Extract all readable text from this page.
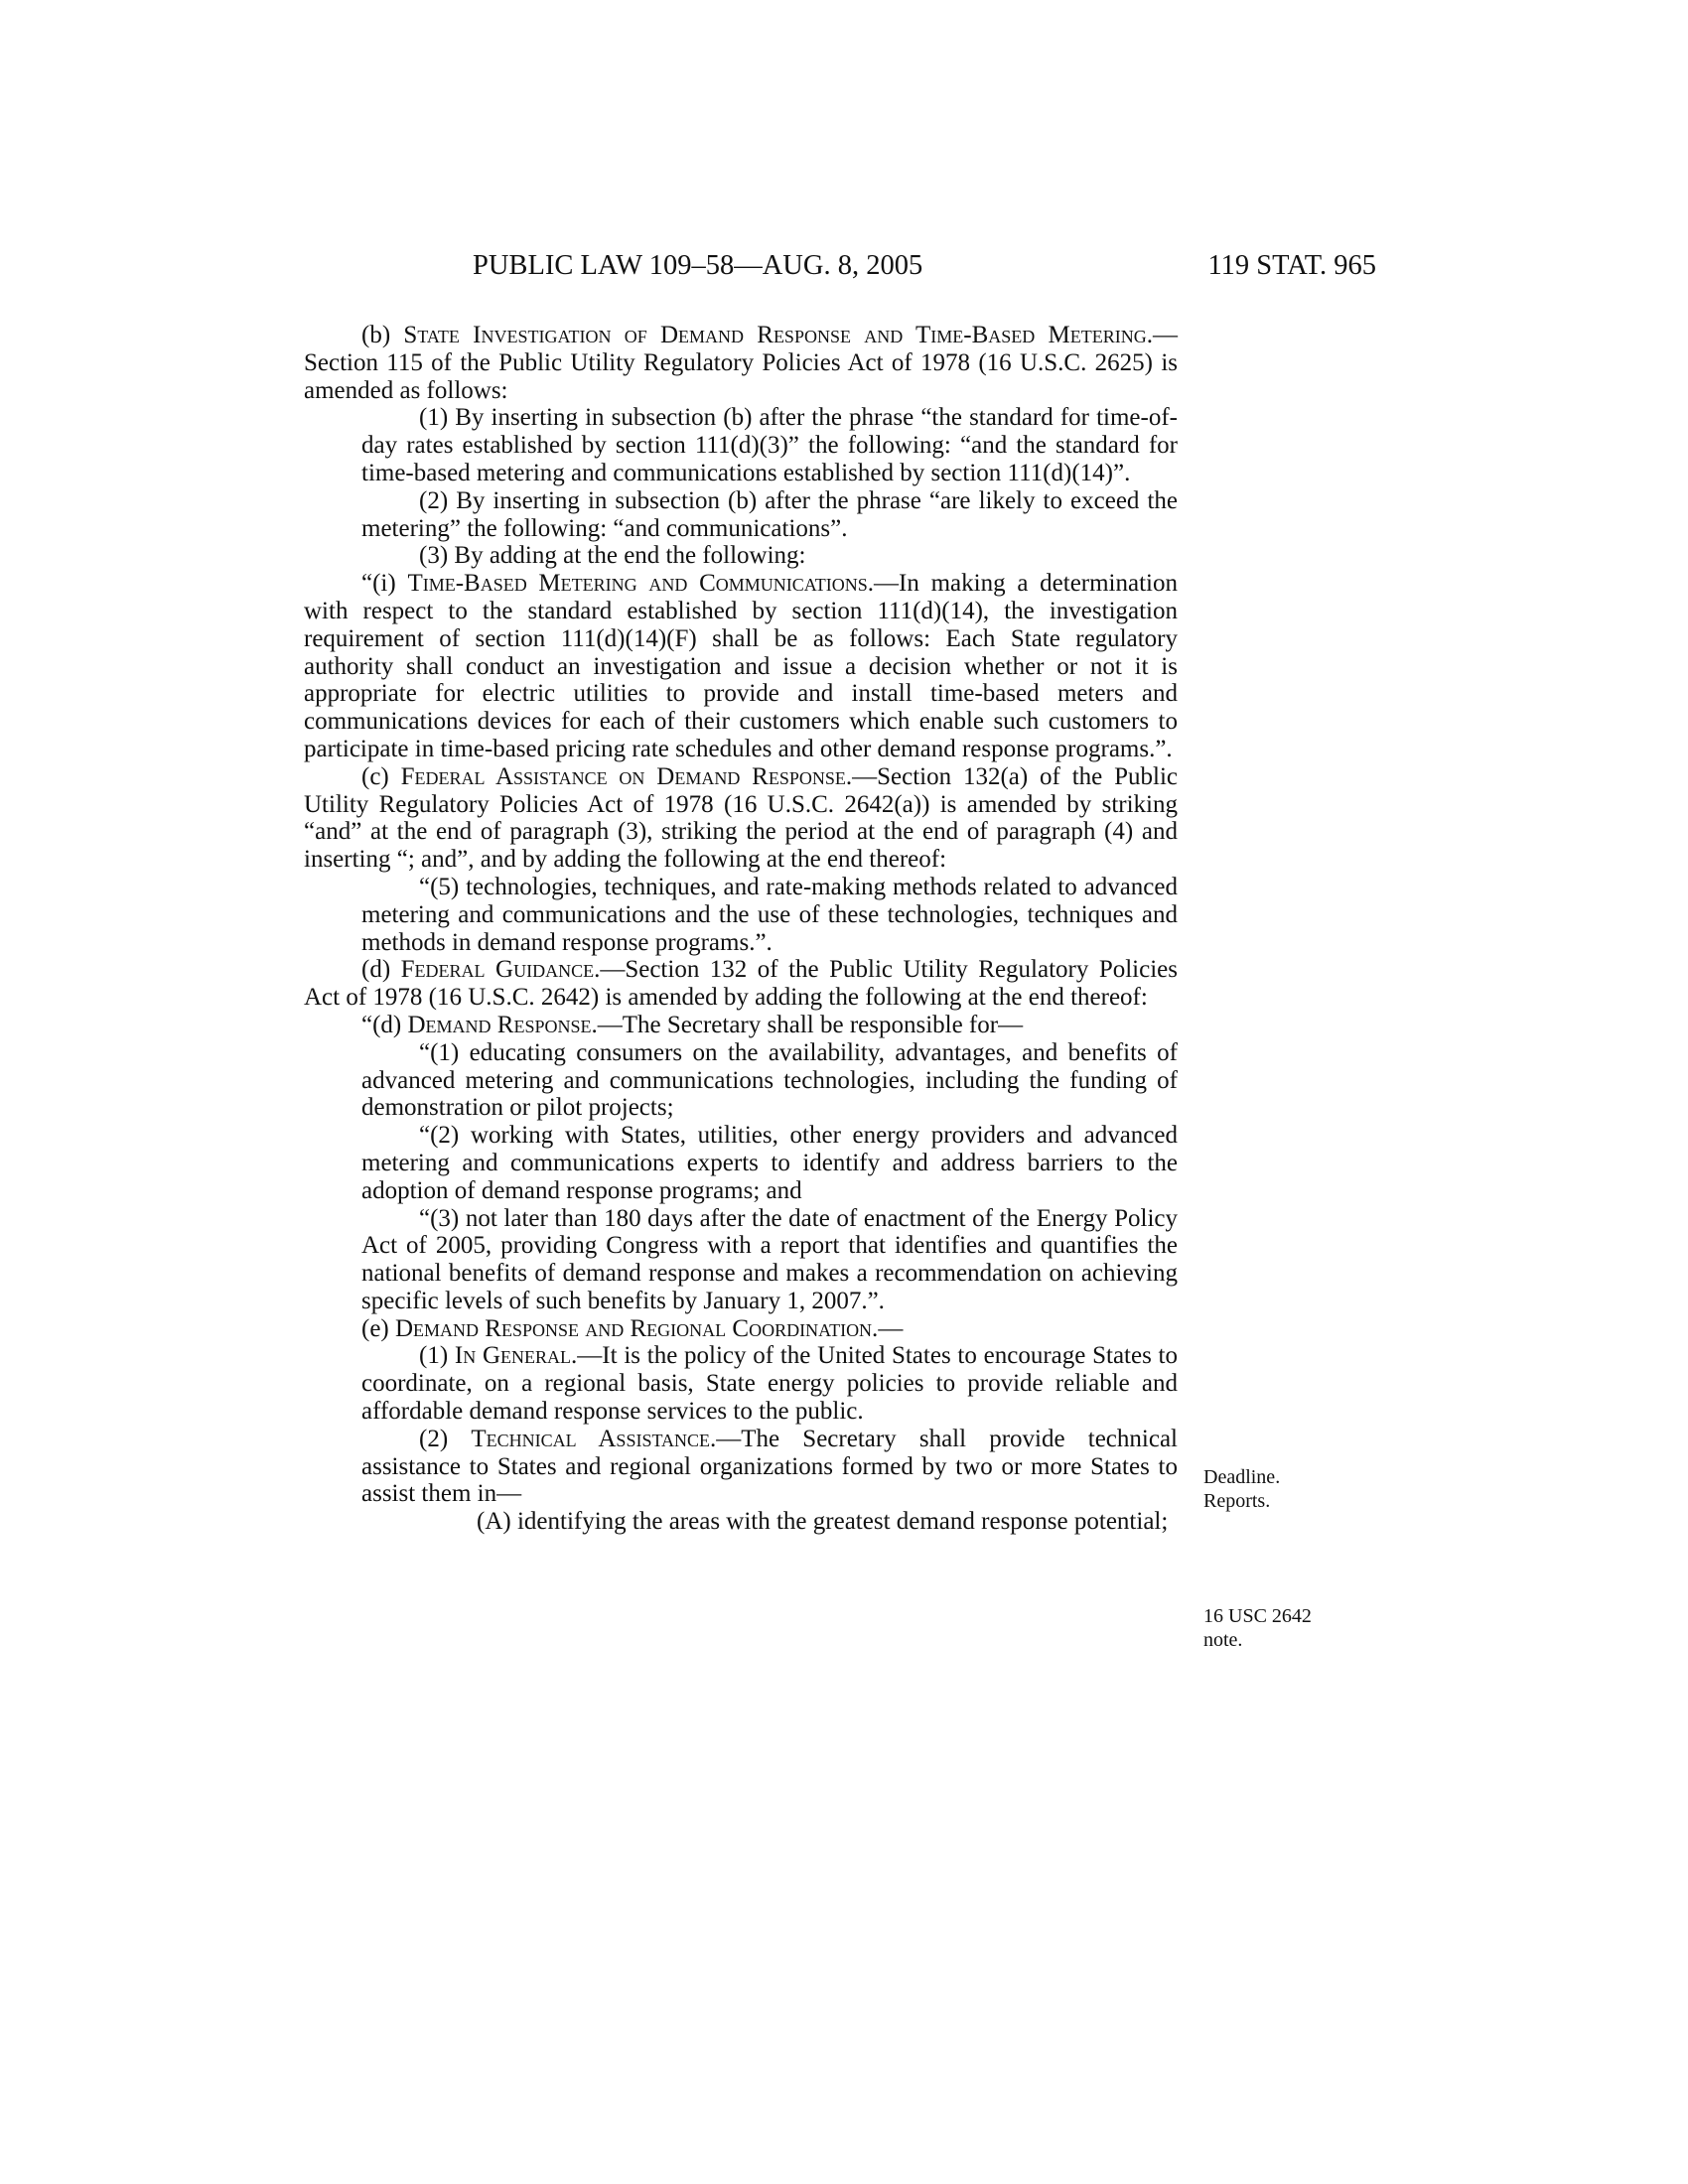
PUBLIC LAW 109–58—AUG. 8, 2005	119 STAT. 965

(b) State Investigation of Demand Response and Time-Based Metering.—Section 115 of the Public Utility Regulatory Policies Act of 1978 (16 U.S.C. 2625) is amended as follows:

(1) By inserting in subsection (b) after the phrase “the standard for time-of-day rates established by section 111(d)(3)” the following: “and the standard for time-based metering and communications established by section 111(d)(14)”.

(2) By inserting in subsection (b) after the phrase “are likely to exceed the metering” the following: “and communications”.

(3) By adding at the end the following:

“(i) Time-Based Metering and Communications.—In making a determination with respect to the standard established by section 111(d)(14), the investigation requirement of section 111(d)(14)(F) shall be as follows: Each State regulatory authority shall conduct an investigation and issue a decision whether or not it is appropriate for electric utilities to provide and install time-based meters and communications devices for each of their customers which enable such customers to participate in time-based pricing rate schedules and other demand response programs.”.

(c) Federal Assistance on Demand Response.—Section 132(a) of the Public Utility Regulatory Policies Act of 1978 (16 U.S.C. 2642(a)) is amended by striking “and” at the end of paragraph (3), striking the period at the end of paragraph (4) and inserting “; and”, and by adding the following at the end thereof:

“(5) technologies, techniques, and rate-making methods related to advanced metering and communications and the use of these technologies, techniques and methods in demand response programs.”.

(d) Federal Guidance.—Section 132 of the Public Utility Regulatory Policies Act of 1978 (16 U.S.C. 2642) is amended by adding the following at the end thereof:

“(d) Demand Response.—The Secretary shall be responsible for—

“(1) educating consumers on the availability, advantages, and benefits of advanced metering and communications technologies, including the funding of demonstration or pilot projects;

“(2) working with States, utilities, other energy providers and advanced metering and communications experts to identify and address barriers to the adoption of demand response programs; and

“(3) not later than 180 days after the date of enactment of the Energy Policy Act of 2005, providing Congress with a report that identifies and quantifies the national benefits of demand response and makes a recommendation on achieving specific levels of such benefits by January 1, 2007.”.

(e) Demand Response and Regional Coordination.—

(1) In General.—It is the policy of the United States to encourage States to coordinate, on a regional basis, State energy policies to provide reliable and affordable demand response services to the public.

(2) Technical Assistance.—The Secretary shall provide technical assistance to States and regional organizations formed by two or more States to assist them in—

(A) identifying the areas with the greatest demand response potential;

Deadline.
Reports.
16 USC 2642
note.
